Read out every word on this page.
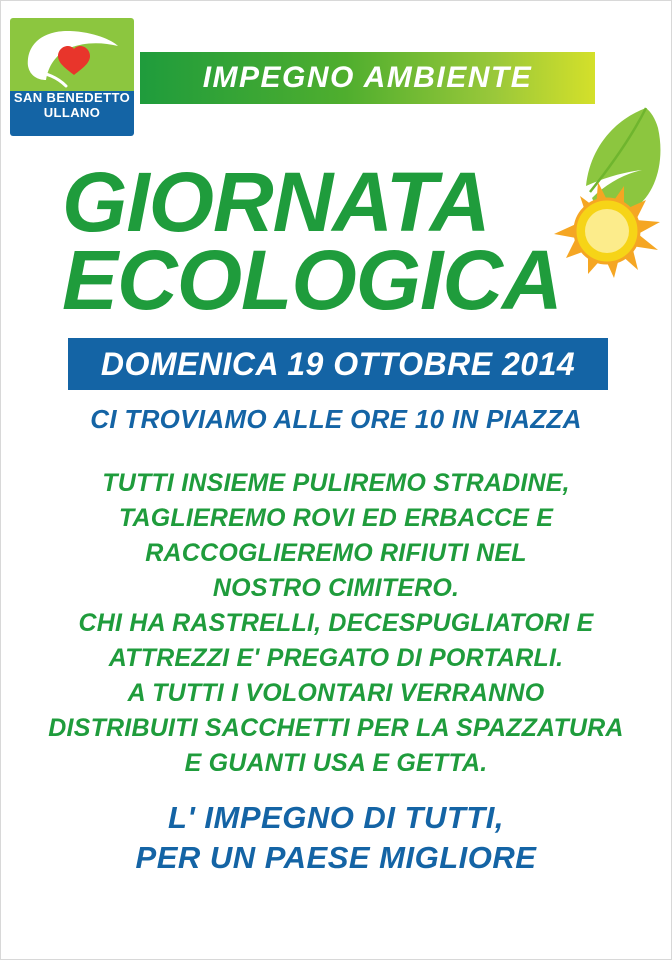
SAN BENEDETTO
ULLANO
IMPEGNO AMBIENTE
GIORNATA
ECOLOGICA
DOMENICA 19 OTTOBRE 2014
CI TROVIAMO ALLE ORE 10 IN PIAZZA

TUTTI INSIEME PULIREMO STRADINE,

TAGLIEREMO ROVI ED ERBACCE E

RACCOGLIEREMO RIFIUTI NEL

NOSTRO CIMITERO.

CHI HA RASTRELLI, DECESPUGLIATORI E

ATTREZZI E' PREGATO DI PORTARLI.

A TUTTI I VOLONTARI VERRANNO

DISTRIBUITI SACCHETTI PER LA SPAZZATURA

E GUANTI USA E GETTA.

L' IMPEGNO DI TUTTI,

PER UN PAESE MIGLIORE
